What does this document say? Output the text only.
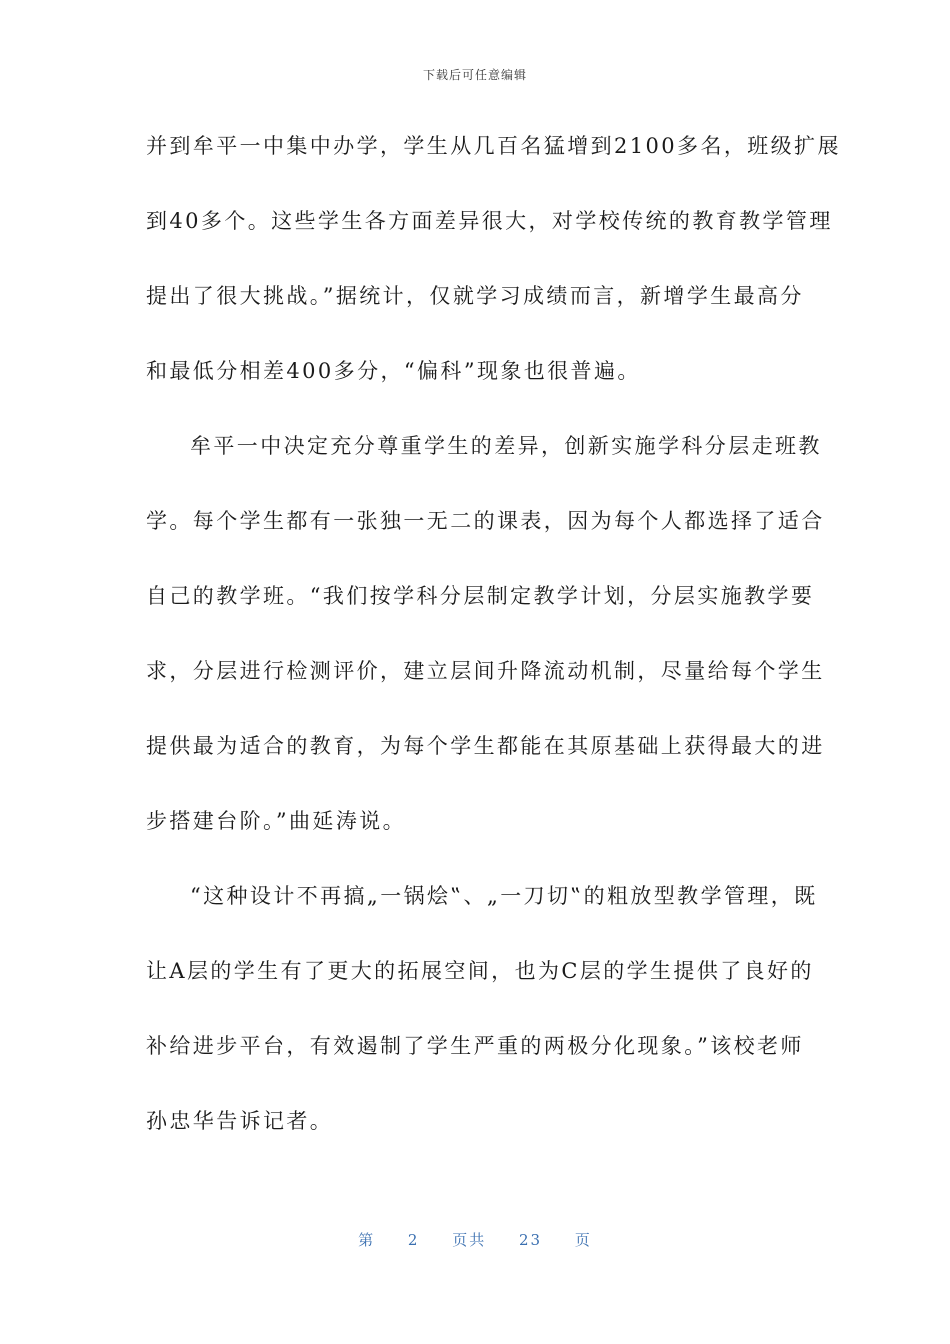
下载后可任意编辑
并到牟平一中集中办学，学生从几百名猛增到2100多名，班级扩展
到40多个。这些学生各方面差异很大，对学校传统的教育教学管理
提出了很大挑战。”据统计，仅就学习成绩而言，新增学生最高分
和最低分相差400多分，“偏科”现象也很普遍。
牟平一中决定充分尊重学生的差异，创新实施学科分层走班教
学。每个学生都有一张独一无二的课表，因为每个人都选择了适合
自己的教学班。“我们按学科分层制定教学计划，分层实施教学要
求，分层进行检测评价，建立层间升降流动机制，尽量给每个学生
提供最为适合的教育，为每个学生都能在其原基础上获得最大的进
步搭建台阶。”曲延涛说。
“这种设计不再搞„一锅烩‟、„一刀切‟的粗放型教学管理，既
让A层的学生有了更大的拓展空间，也为C层的学生提供了良好的
补给进步平台，有效遏制了学生严重的两极分化现象。”该校老师
孙忠华告诉记者。
第 2 页共 23 页
